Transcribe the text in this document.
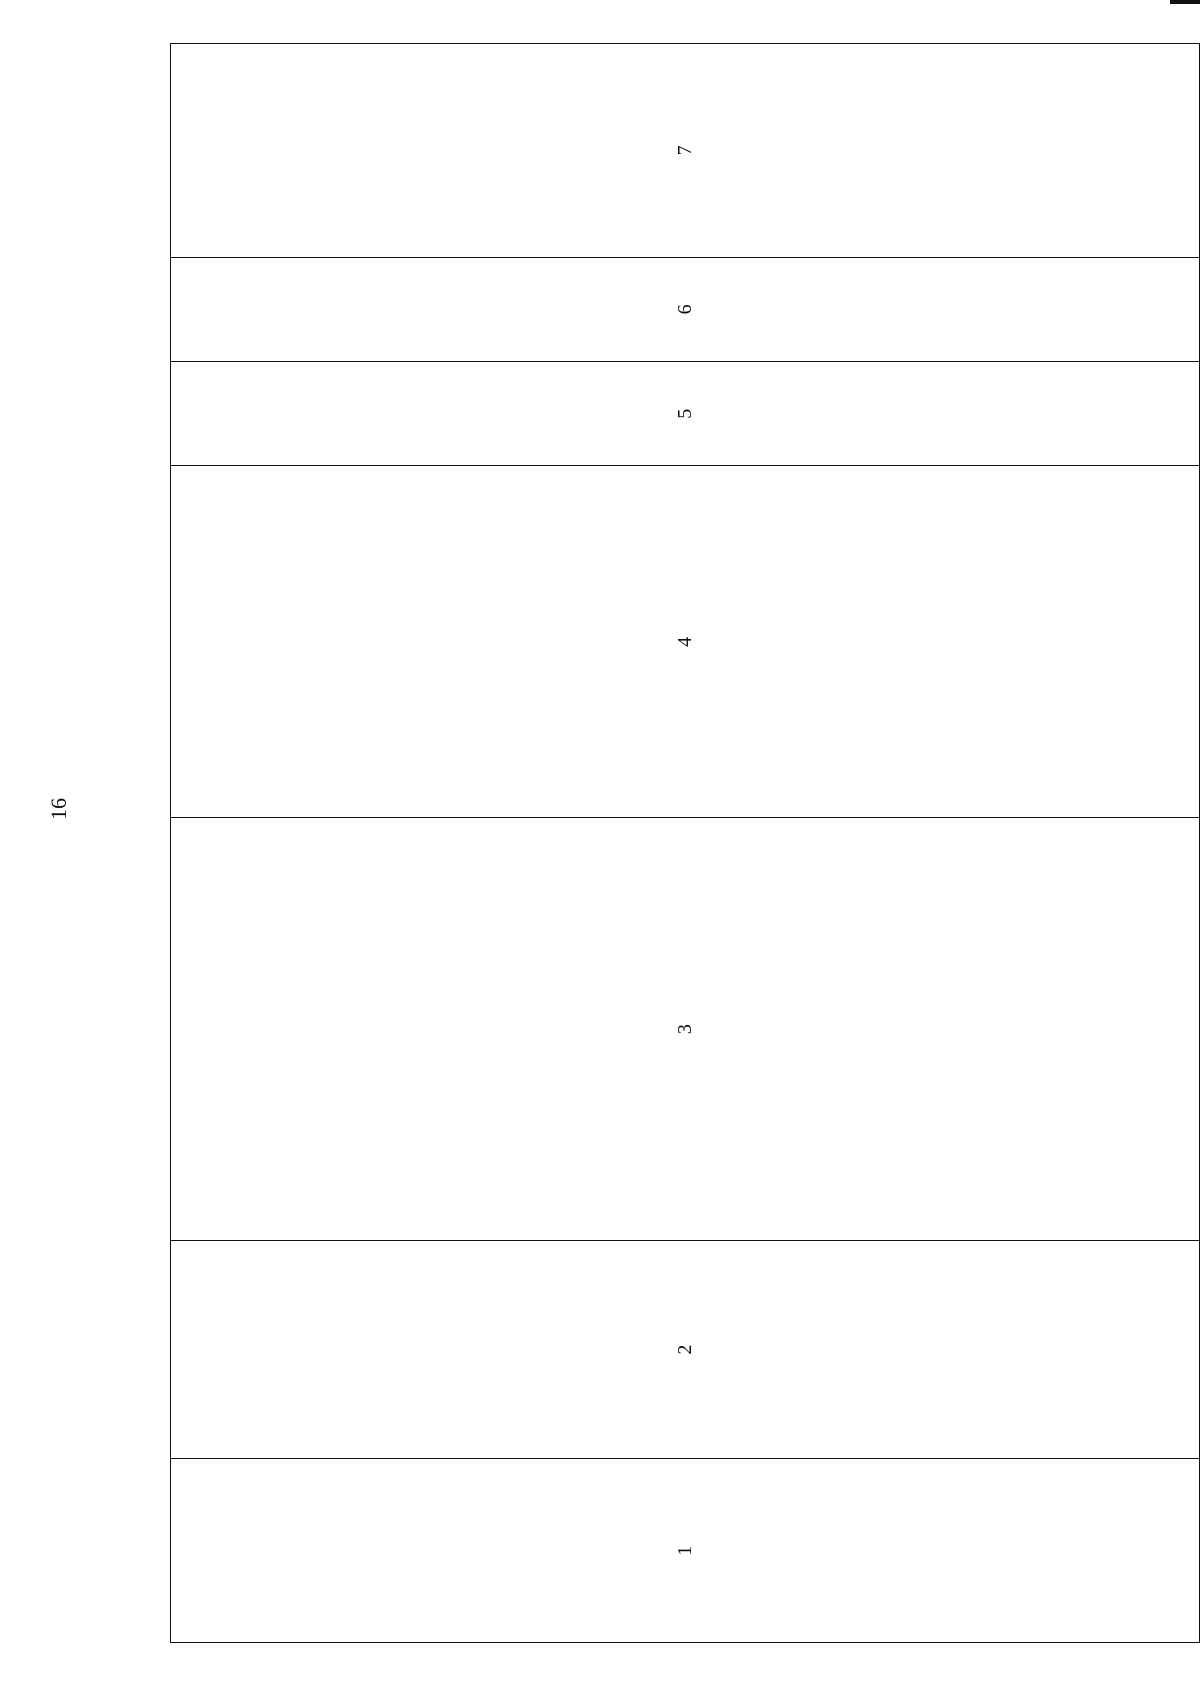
16
1	2	3	4	5	6	7
